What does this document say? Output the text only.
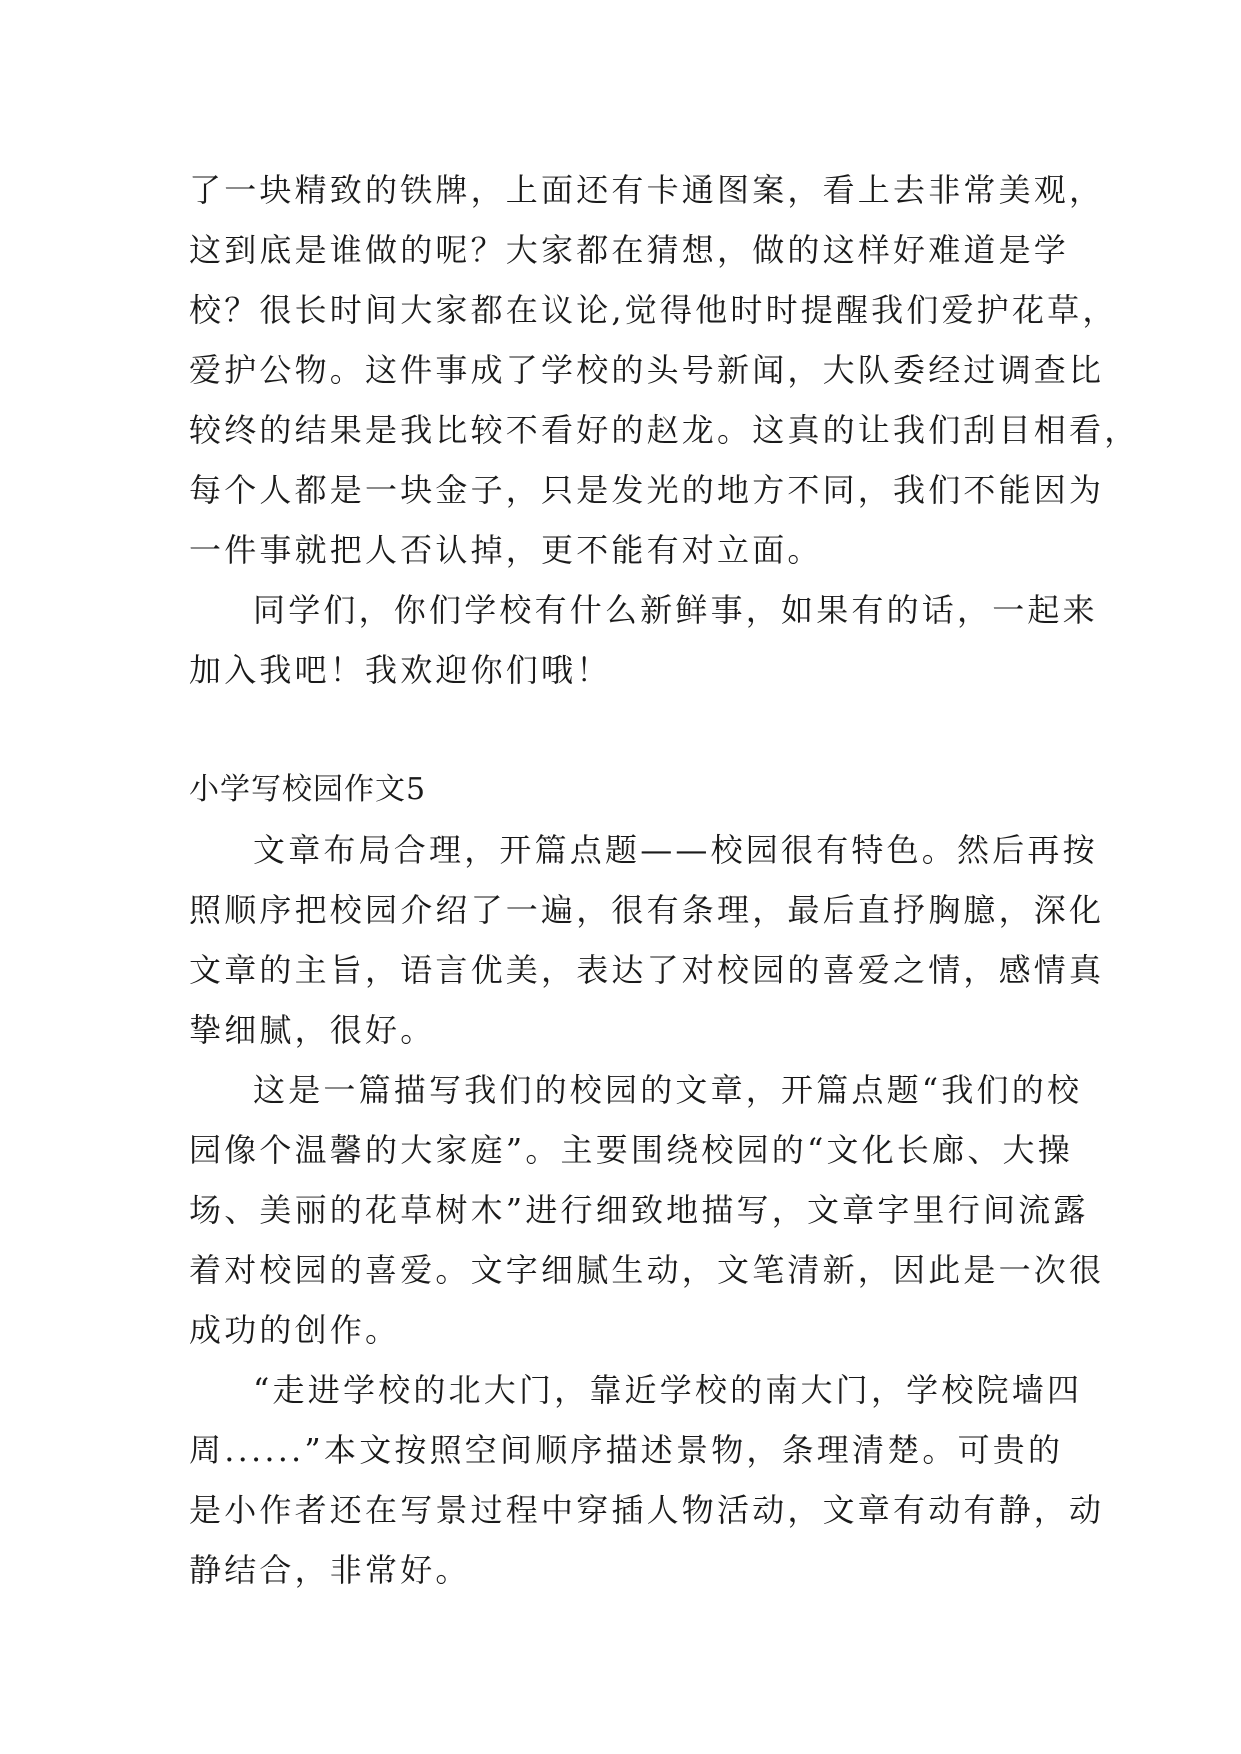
了一块精致的铁牌，上面还有卡通图案，看上去非常美观，
这到底是谁做的呢？大家都在猜想，做的这样好难道是学
校？很长时间大家都在议论,觉得他时时提醒我们爱护花草，
爱护公物。这件事成了学校的头号新闻，大队委经过调查比
较终的结果是我比较不看好的赵龙。这真的让我们刮目相看，
每个人都是一块金子，只是发光的地方不同，我们不能因为
一件事就把人否认掉，更不能有对立面。
同学们，你们学校有什么新鲜事，如果有的话，一起来
加入我吧！我欢迎你们哦！
小学写校园作文5
文章布局合理，开篇点题——校园很有特色。然后再按
照顺序把校园介绍了一遍，很有条理，最后直抒胸臆，深化
文章的主旨，语言优美，表达了对校园的喜爱之情，感情真
挚细腻，很好。
这是一篇描写我们的校园的文章，开篇点题“我们的校
园像个温馨的大家庭”。主要围绕校园的“文化长廊、大操
场、美丽的花草树木”进行细致地描写，文章字里行间流露
着对校园的喜爱。文字细腻生动，文笔清新，因此是一次很
成功的创作。
“走进学校的北大门，靠近学校的南大门，学校院墙四
周......”本文按照空间顺序描述景物，条理清楚。可贵的
是小作者还在写景过程中穿插人物活动，文章有动有静，动
静结合，非常好。
